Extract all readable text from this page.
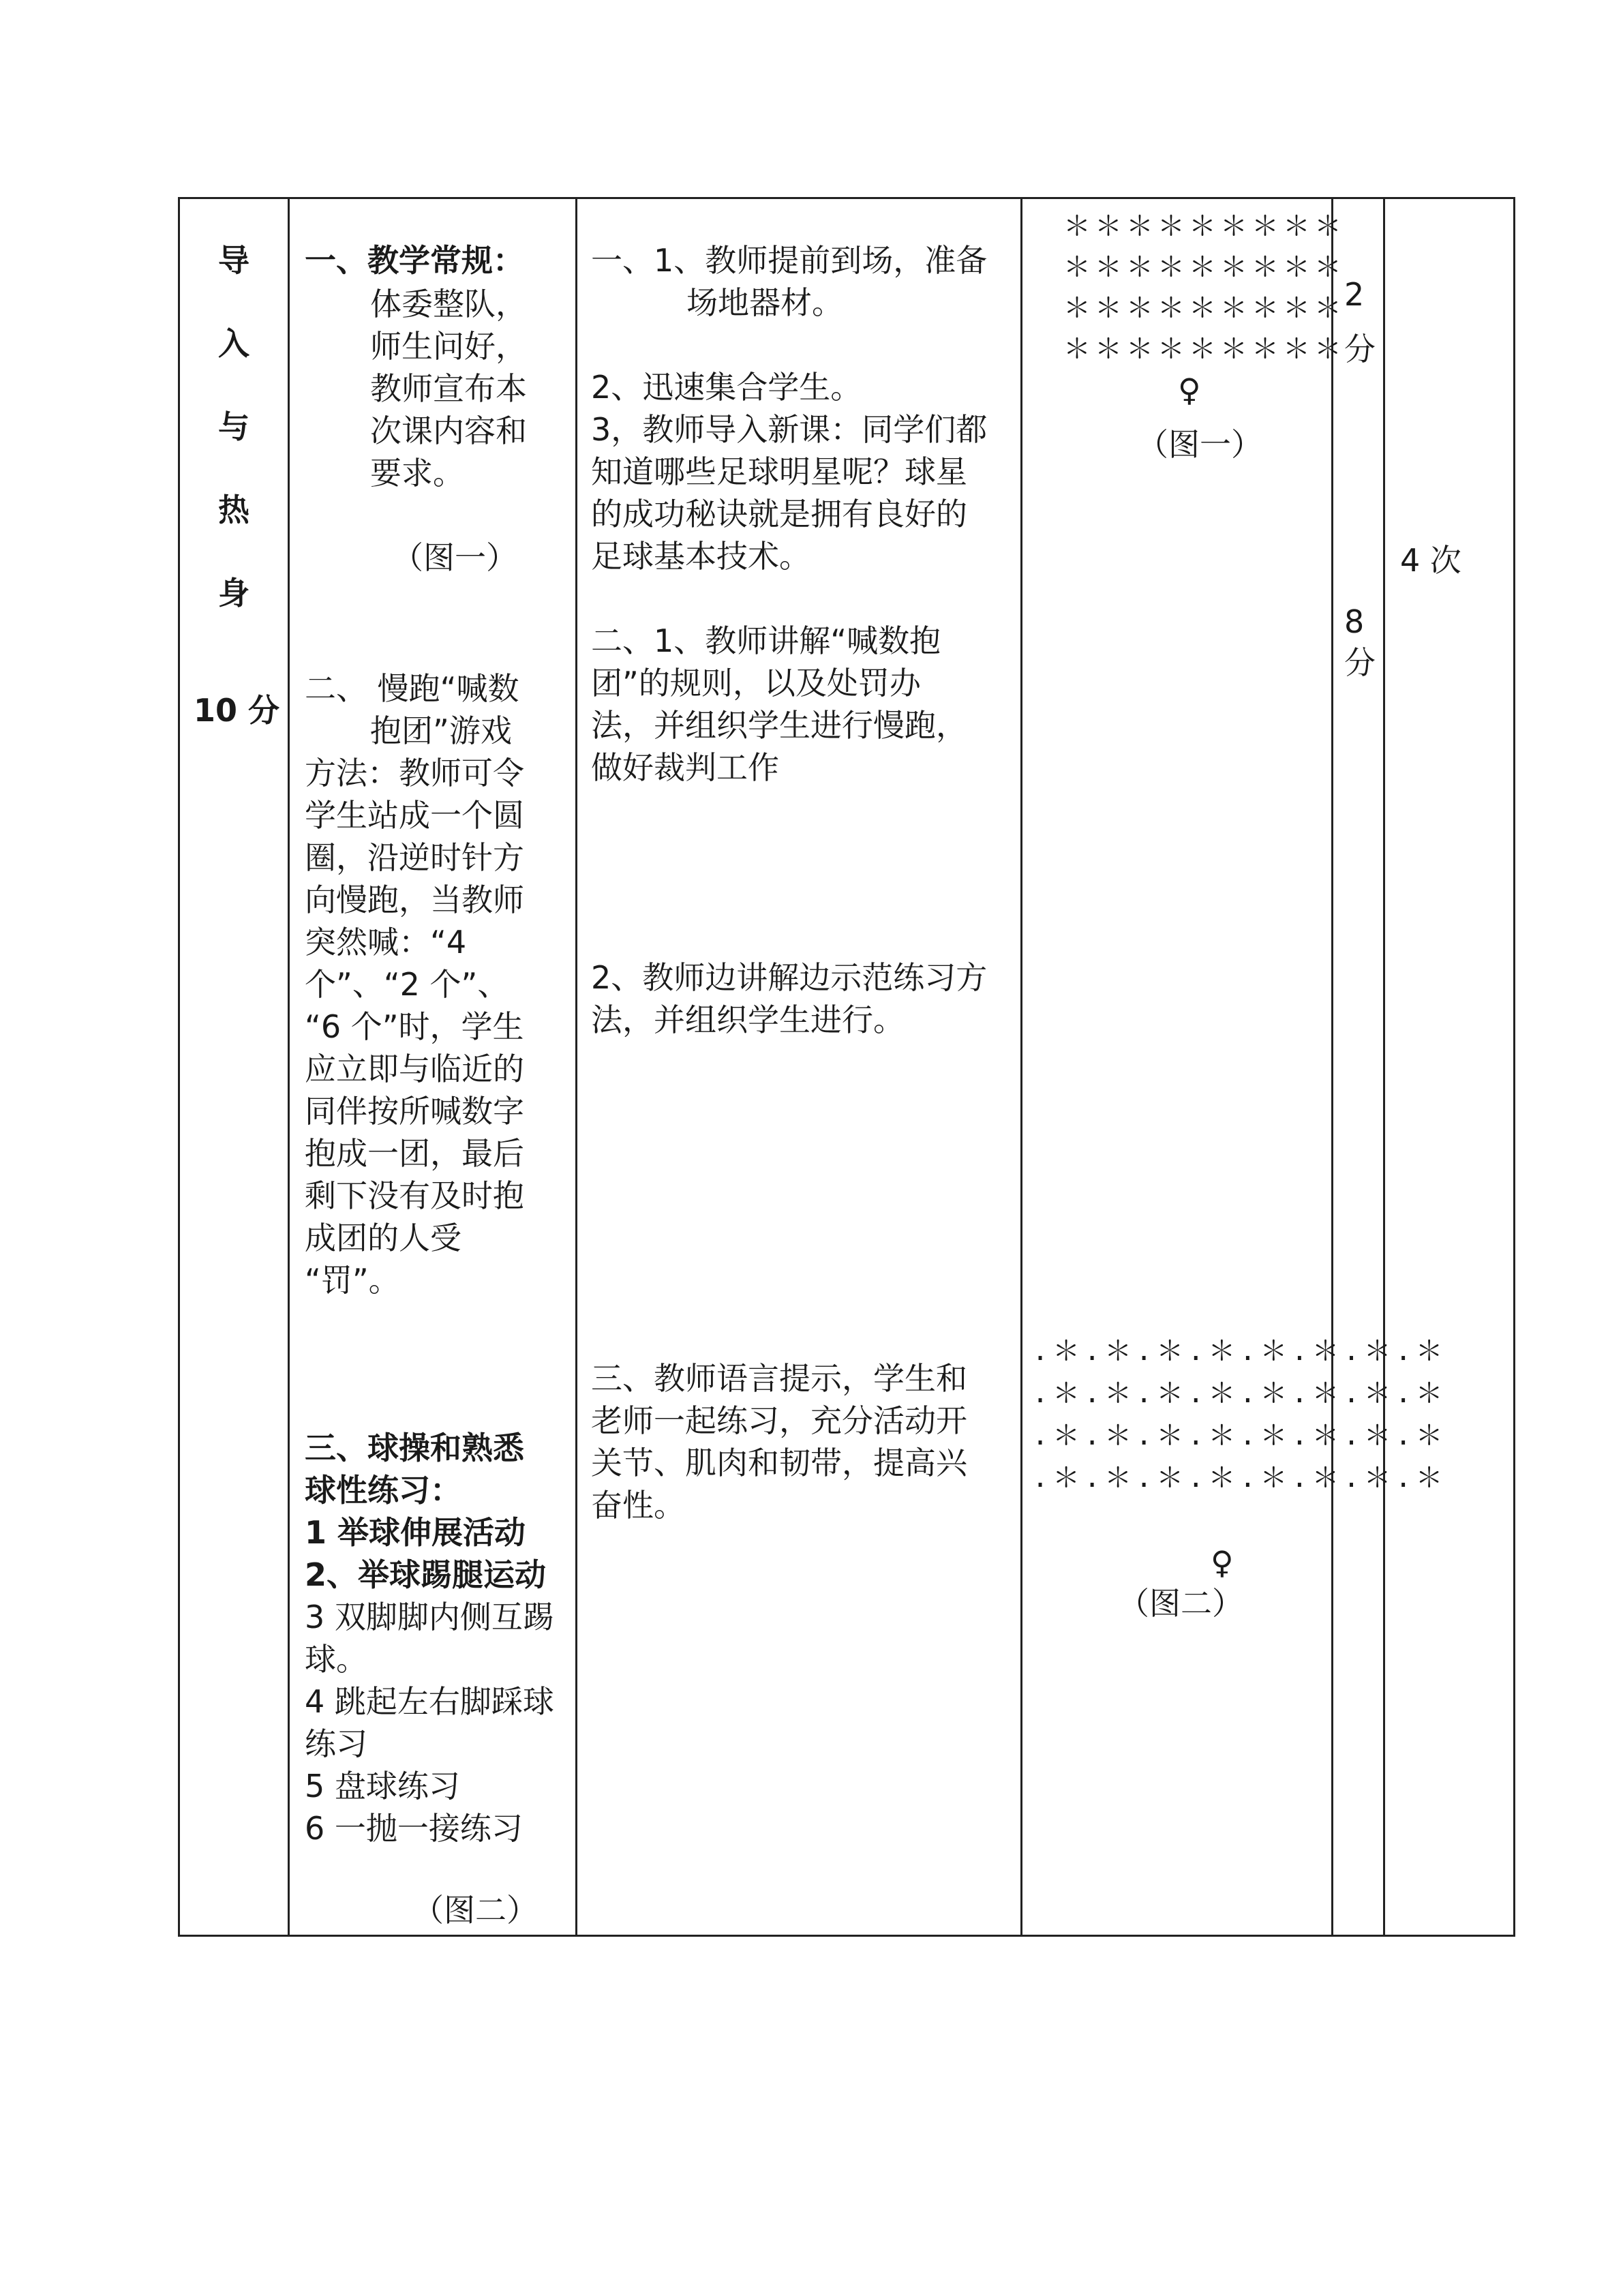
导
入
与
热
身
10 分
一、教学常规：
体委整队，
师生问好，
教师宣布本
次课内容和
要求。
（图一）
二、 慢跑“喊数
抱团”游戏
方法：教师可令
学生站成一个圆
圈，沿逆时针方
向慢跑，当教师
突然喊：“4
个”、“2 个”、
“6 个”时，学生
应立即与临近的
同伴按所喊数字
抱成一团，最后
剩下没有及时抱
成团的人受
“罚”。
三、球操和熟悉
球性练习：
1 举球伸展活动
2、举球踢腿运动
3 双脚脚内侧互踢
球。
4 跳起左右脚踩球
练习
5 盘球练习
6 一抛一接练习
（图二）
一、1、教师提前到场，准备
场地器材。
2、迅速集合学生。
3，教师导入新课：同学们都
知道哪些足球明星呢？球星
的成功秘诀就是拥有良好的
足球基本技术。
二、1、教师讲解“喊数抱
团”的规则，以及处罚办
法，并组织学生进行慢跑，
做好裁判工作
2、教师边讲解边示范练习方
法，并组织学生进行。
三、教师语言提示，学生和
老师一起练习，充分活动开
关节、肌肉和韧带，提高兴
奋性。
＊＊＊＊＊＊＊＊＊
＊＊＊＊＊＊＊＊＊
＊＊＊＊＊＊＊＊＊
＊＊＊＊＊＊＊＊＊
♀
（图一）
.＊.＊.＊.＊.＊.＊.＊.＊
.＊.＊.＊.＊.＊.＊.＊.＊
.＊.＊.＊.＊.＊.＊.＊.＊
.＊.＊.＊.＊.＊.＊.＊.＊
♀
（图二）
2
分
8
分
4 次
